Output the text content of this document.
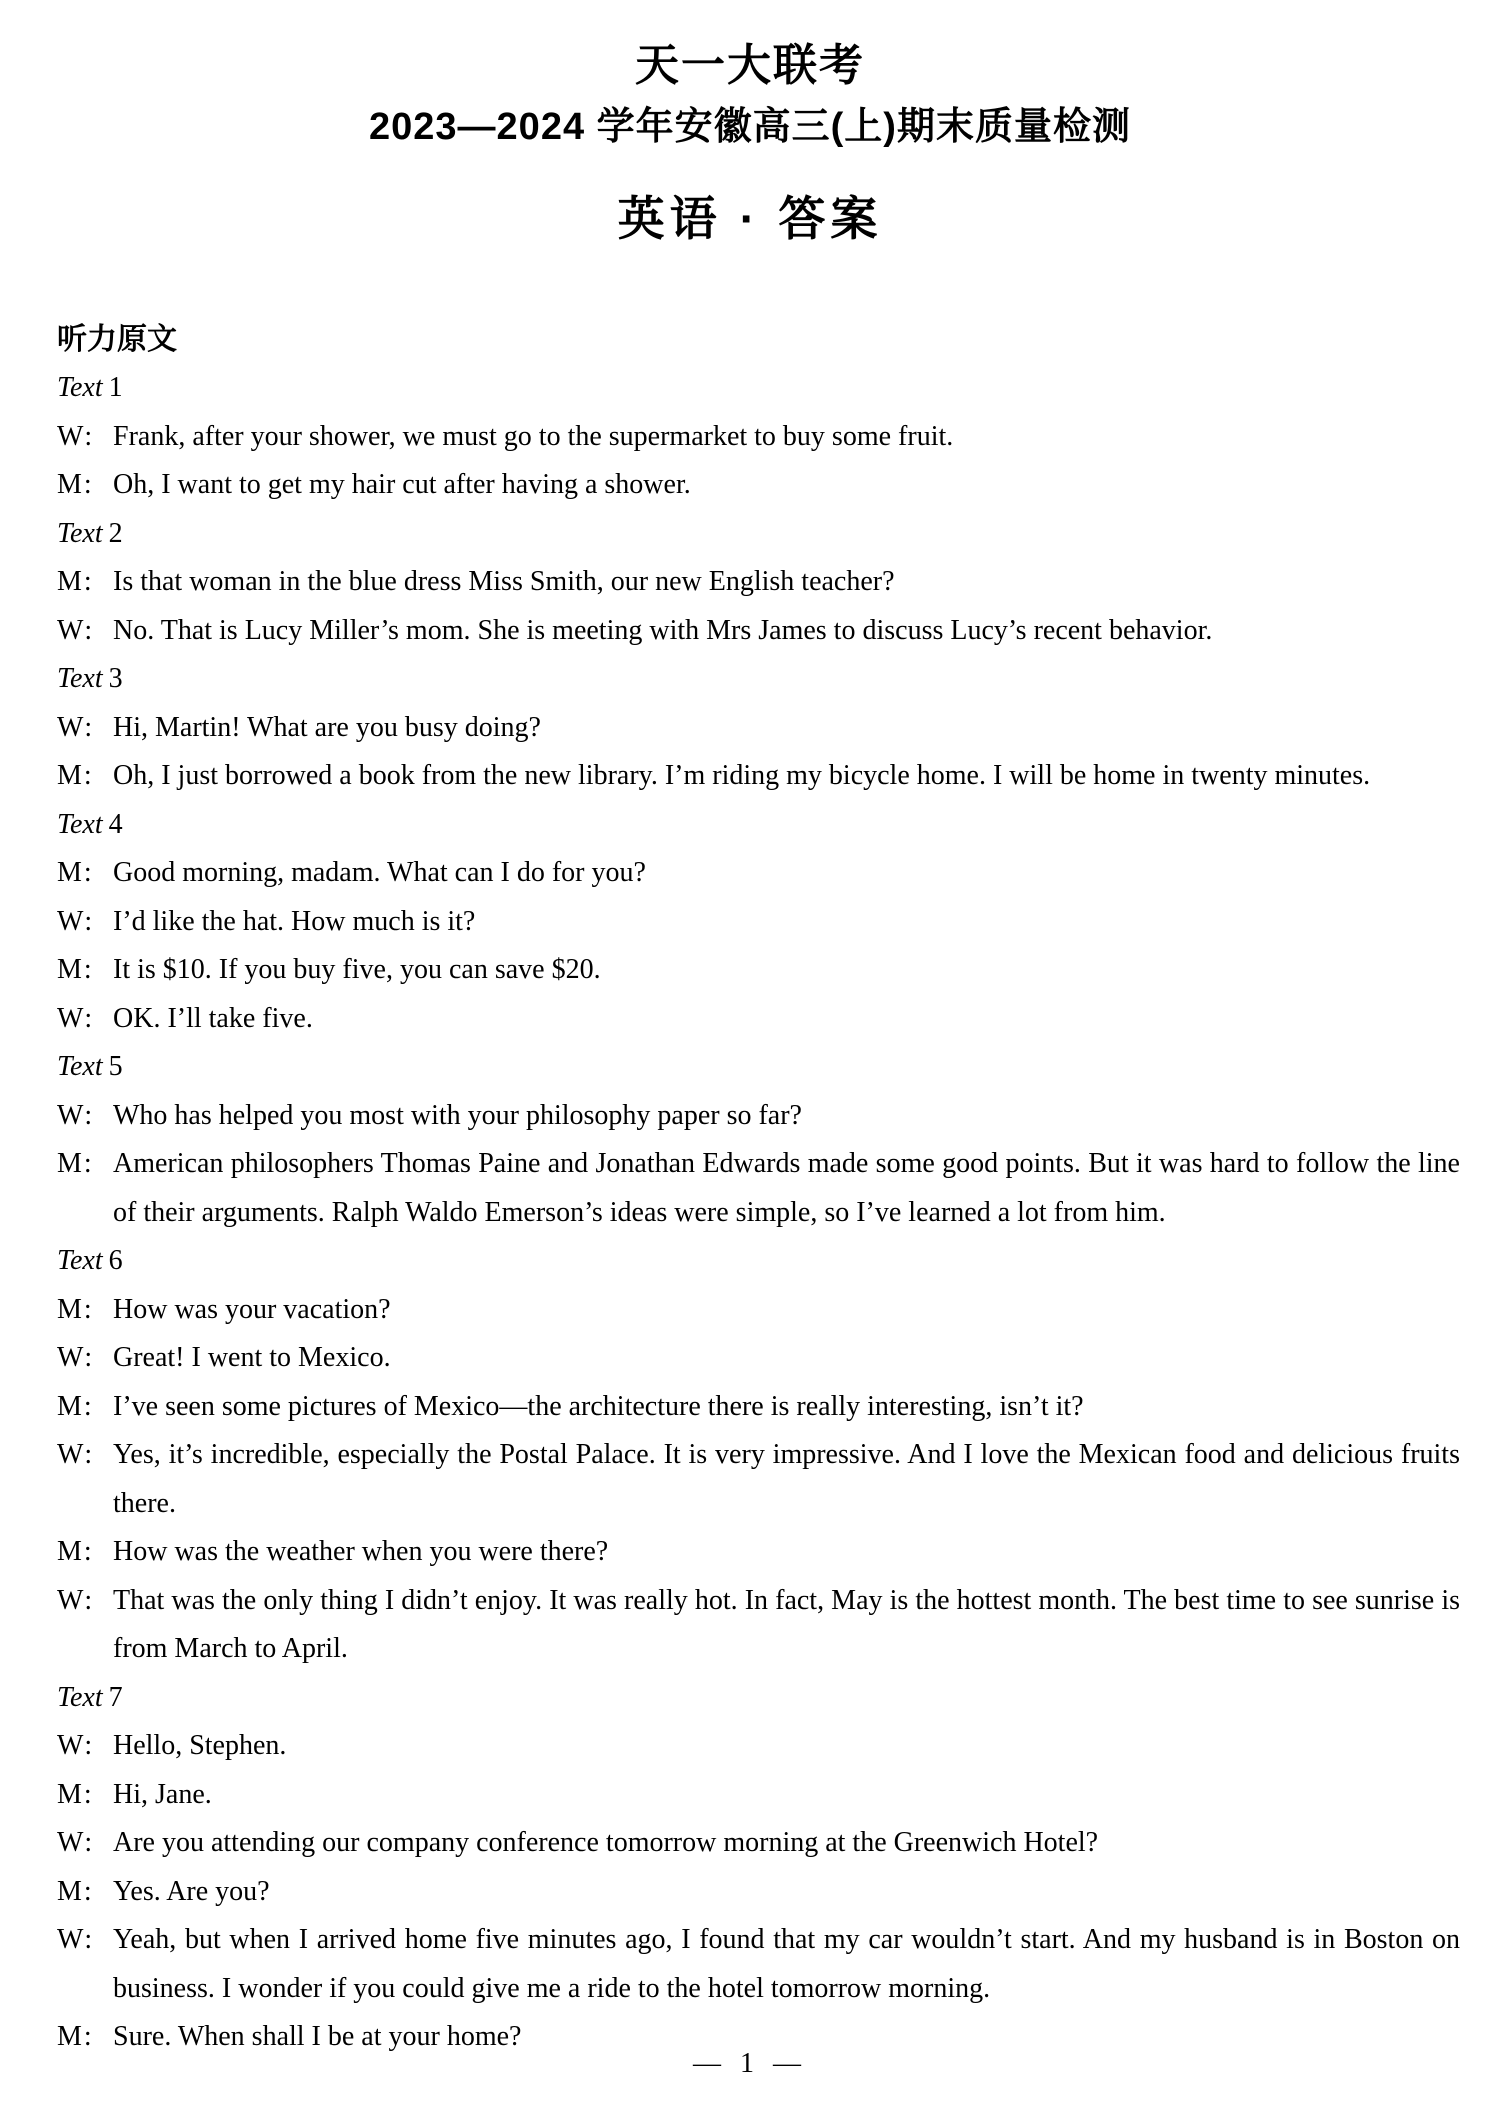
天一大联考
2023—2024 学年安徽高三(上)期末质量检测
英语 · 答案
听力原文

Text 1

W: Frank, after your shower, we must go to the supermarket to buy some fruit.

M: Oh, I want to get my hair cut after having a shower.

Text 2

M: Is that woman in the blue dress Miss Smith, our new English teacher?

W: No. That is Lucy Miller’s mom. She is meeting with Mrs James to discuss Lucy’s recent behavior.

Text 3

W: Hi, Martin! What are you busy doing?

M: Oh, I just borrowed a book from the new library. I’m riding my bicycle home. I will be home in twenty minutes.

Text 4

M: Good morning, madam. What can I do for you?

W: I’d like the hat. How much is it?

M: It is $10. If you buy five, you can save $20.

W: OK. I’ll take five.

Text 5

W: Who has helped you most with your philosophy paper so far?

M: American philosophers Thomas Paine and Jonathan Edwards made some good points. But it was hard to follow the line of their arguments. Ralph Waldo Emerson’s ideas were simple, so I’ve learned a lot from him.

Text 6

M: How was your vacation?

W: Great! I went to Mexico.

M: I’ve seen some pictures of Mexico—the architecture there is really interesting, isn’t it?

W: Yes, it’s incredible, especially the Postal Palace. It is very impressive. And I love the Mexican food and delicious fruits there.

M: How was the weather when you were there?

W: That was the only thing I didn’t enjoy. It was really hot. In fact, May is the hottest month. The best time to see sunrise is from March to April.

Text 7

W: Hello, Stephen.

M: Hi, Jane.

W: Are you attending our company conference tomorrow morning at the Greenwich Hotel?

M: Yes. Are you?

W: Yeah, but when I arrived home five minutes ago, I found that my car wouldn’t start. And my husband is in Boston on business. I wonder if you could give me a ride to the hotel tomorrow morning.

M: Sure. When shall I be at your home?

— 1 —
